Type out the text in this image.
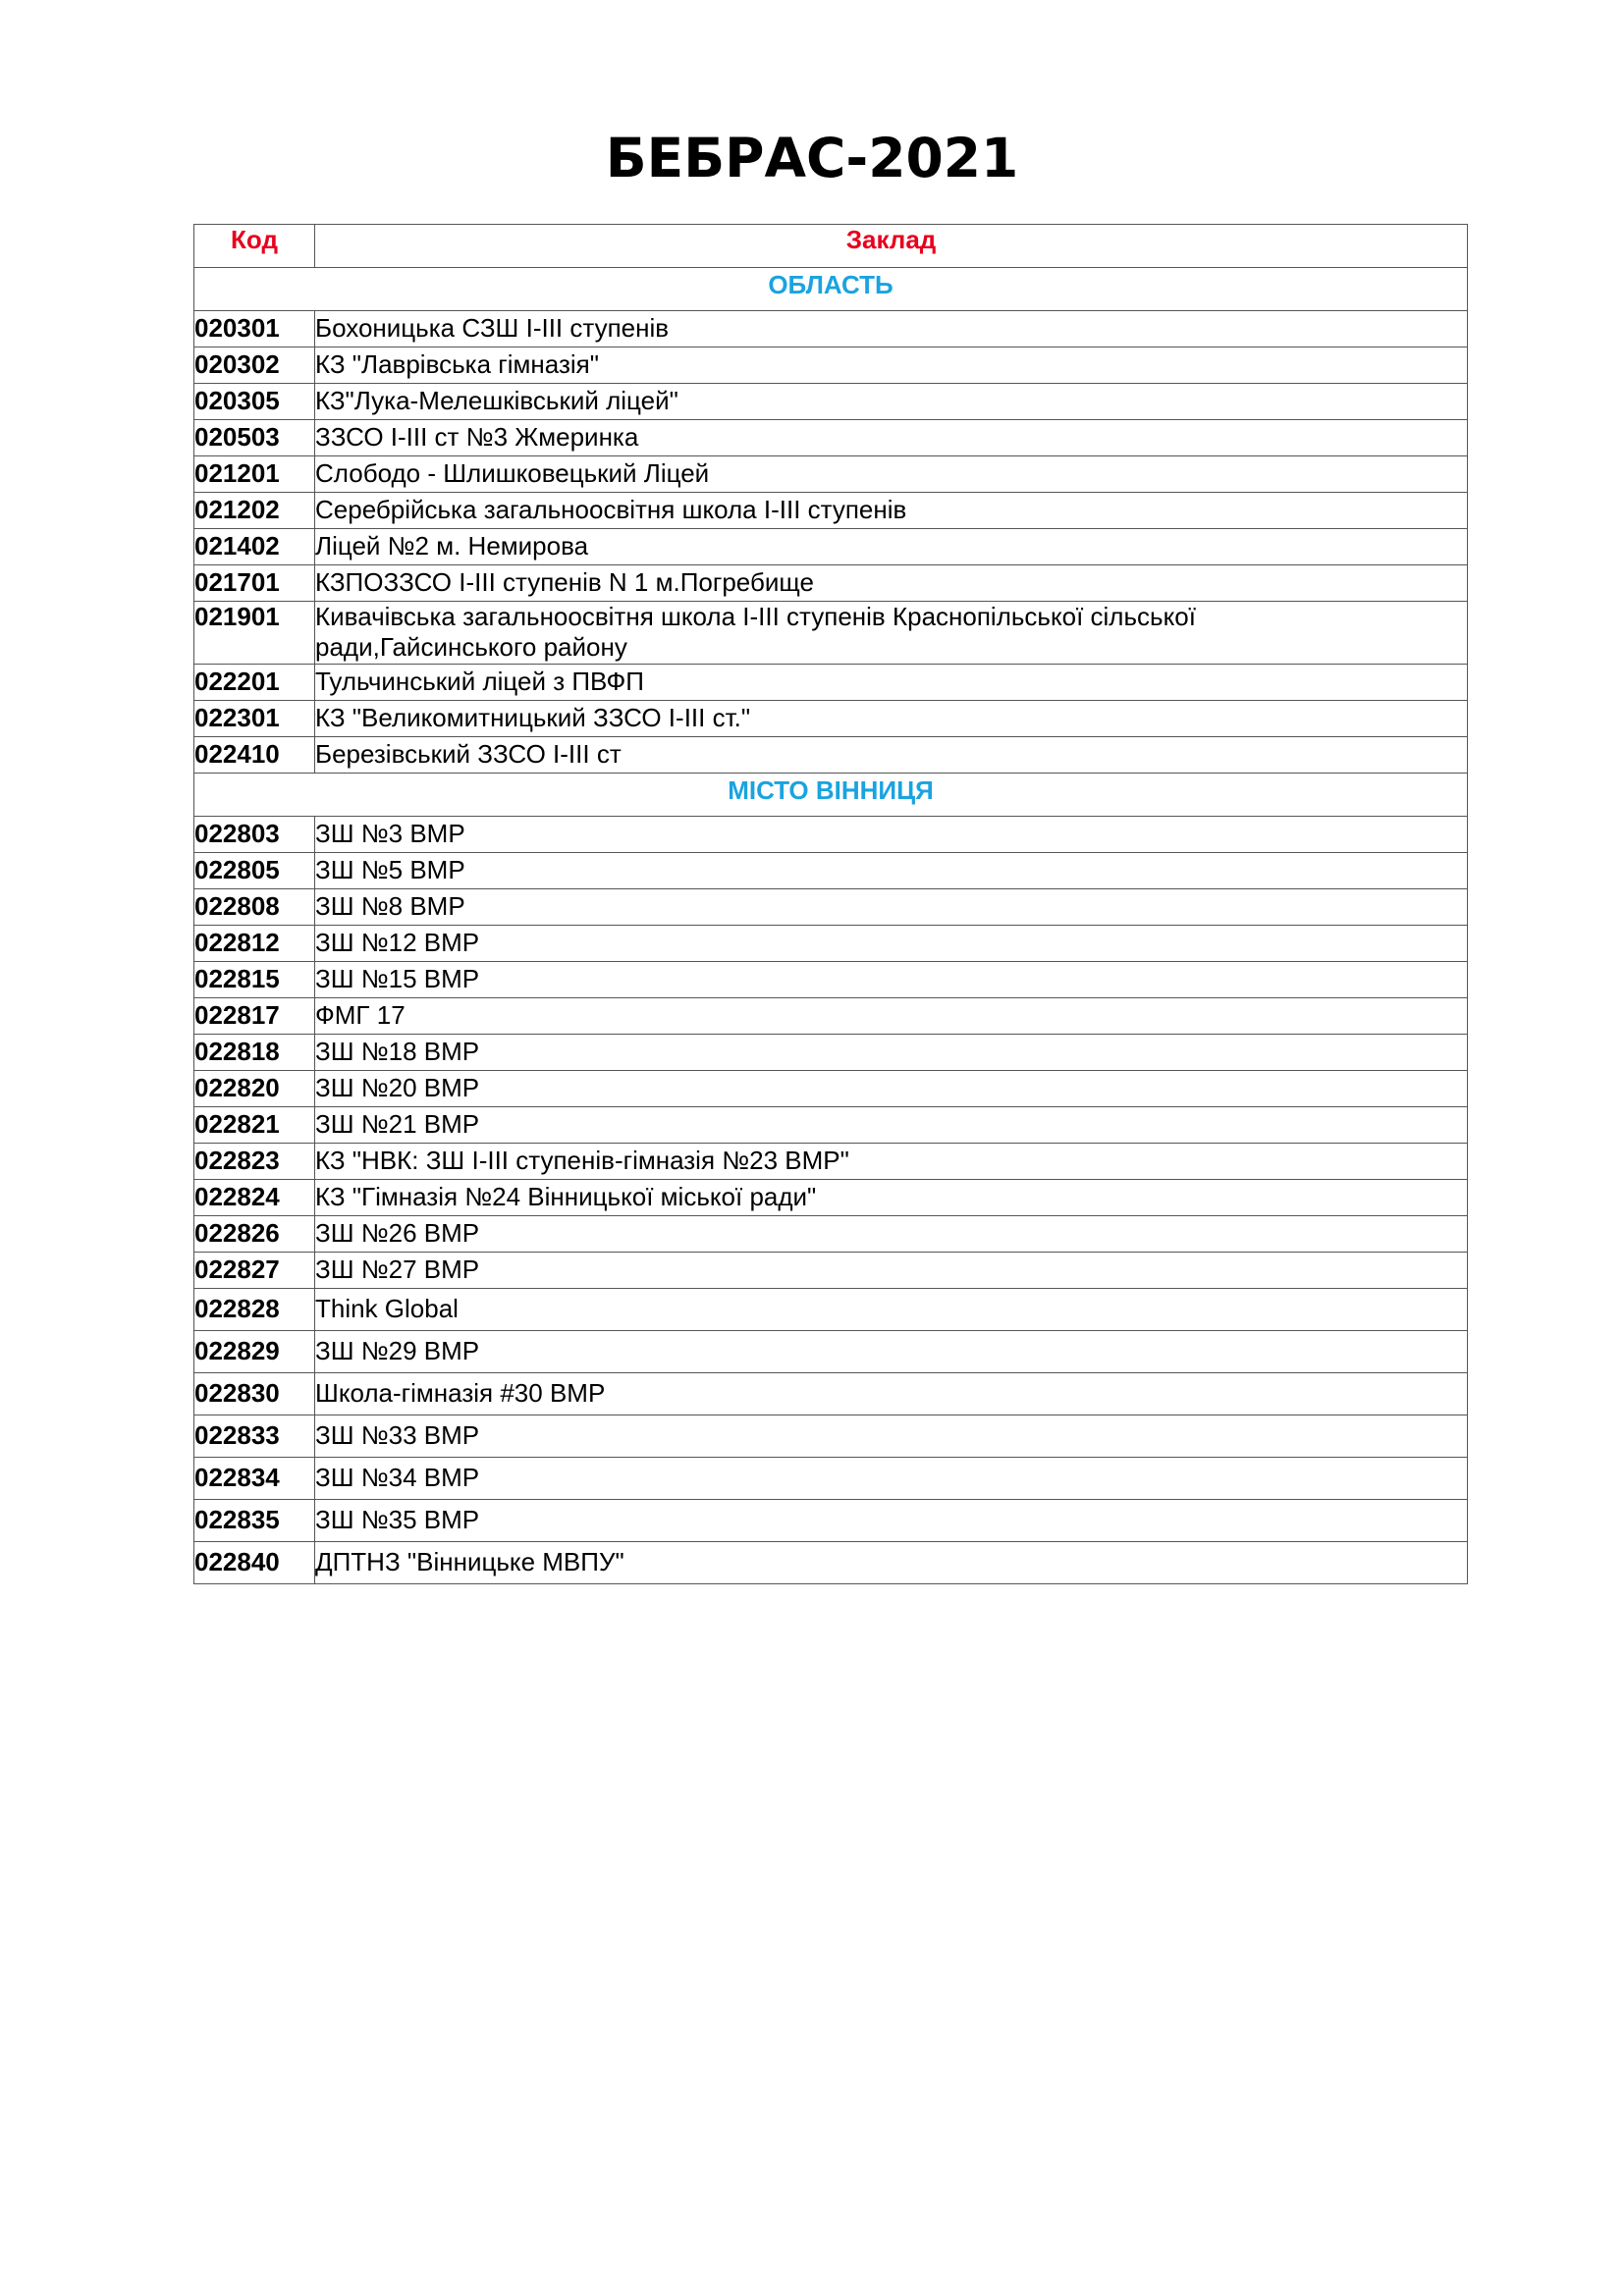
БЕБРАС-2021
Код	Заклад
ОБЛАСТЬ	
020301	Бохоницька СЗШ І-ІІІ ступенів
020302	КЗ "Лаврівська гімназія"
020305	КЗ"Лука-Мелешківський ліцей"
020503	ЗЗСО І-ІІІ ст №3 Жмеринка
021201	Слободо - Шлишковецький Ліцей
021202	Серебрійська загальноосвітня школа І-ІІІ ступенів
021402	Ліцей №2 м. Немирова
021701	КЗПОЗЗСО І-ІІІ ступенів N 1 м.Погребище
021901	Кивачівська загальноосвітня школа І-ІІІ ступенів Краснопільської сільської ради,Гайсинського району
022201	Тульчинський ліцей з ПВФП
022301	КЗ "Великомитницький ЗЗСО І-ІІІ ст."
022410	Березівський ЗЗСО І-ІІІ ст
МІСТО ВІННИЦЯ	
022803	ЗШ №3 ВМР
022805	ЗШ №5 ВМР
022808	ЗШ №8 ВМР
022812	ЗШ №12 ВМР
022815	ЗШ №15 ВМР
022817	ФМГ 17
022818	ЗШ №18 ВМР
022820	ЗШ №20 ВМР
022821	ЗШ №21 ВМР
022823	КЗ "НВК: ЗШ І-ІІІ ступенів-гімназія №23 ВМР"
022824	КЗ "Гімназія №24 Вінницької міської ради"
022826	ЗШ №26 ВМР
022827	ЗШ №27 ВМР
022828	Think Global
022829	ЗШ №29 ВМР
022830	Школа-гімназія #30 ВМР
022833	ЗШ №33 ВМР
022834	ЗШ №34 ВМР
022835	ЗШ №35 ВМР
022840	ДПТНЗ "Вінницьке МВПУ"
